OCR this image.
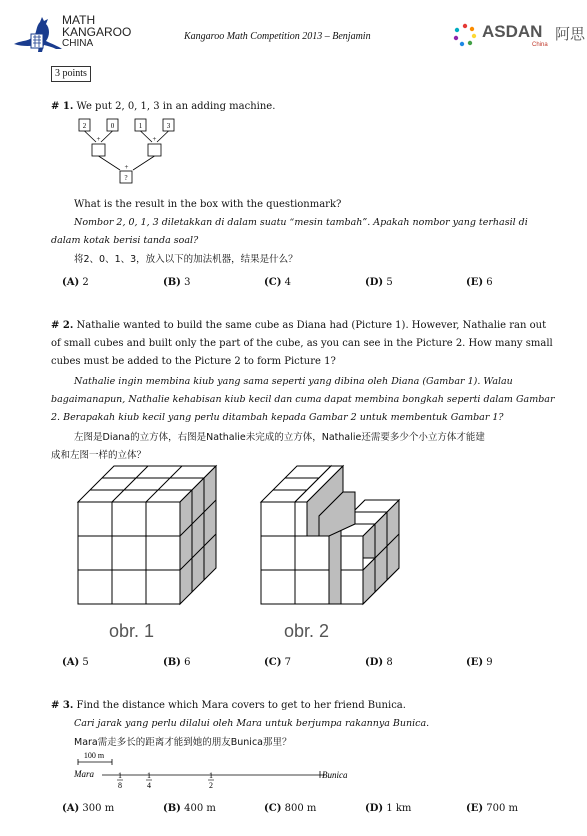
MATH
KANGAROO
CHINA
Kangaroo Math Competition 2013 – Benjamin	ASDAN 阿思
China
3 points
# 1. We put 2, 0, 1, 3 in an adding machine.
2	0	1	3
+	+
+
?
What is the result in the box with the questionmark?
Nombor 2, 0, 1, 3 diletakkan di dalam suatu “mesin tambah”. Apakah nombor yang terhasil di
dalam kotak berisi tanda soal?
将2、0、1、3，放入以下的加法机器，结果是什么？
(A) 2	(B) 3	(C) 4	(D) 5	(E) 6
# 2. Nathalie wanted to build the same cube as Diana had (Picture 1). However, Nathalie ran out
of small cubes and built only the part of the cube, as you can see in the Picture 2. How many small
cubes must be added to the Picture 2 to form Picture 1?
Nathalie ingin membina kiub yang sama seperti yang dibina oleh Diana (Gambar 1). Walau
bagaimanapun, Nathalie kehabisan kiub kecil dan cuma dapat membina bongkah seperti dalam Gambar
2. Berapakah kiub kecil yang perlu ditambah kepada Gambar 2 untuk membentuk Gambar 1?
左图是Diana的立方体，右图是Nathalie未完成的立方体，Nathalie还需要多少个小立方体才能建
成和左图一样的立体？
obr. 1	obr. 2
(A) 5	(B) 6	(C) 7	(D) 8	(E) 9
# 3. Find the distance which Mara covers to get to her friend Bunica.
Cari jarak yang perlu dilalui oleh Mara untuk berjumpa rakannya Bunica.
Mara需走多长的距离才能到她的朋友Bunica那里？
100 m
Mara	Bunica
1
8
1
4
1
2
(A) 300 m	(B) 400 m	(C) 800 m	(D) 1 km	(E) 700 m
